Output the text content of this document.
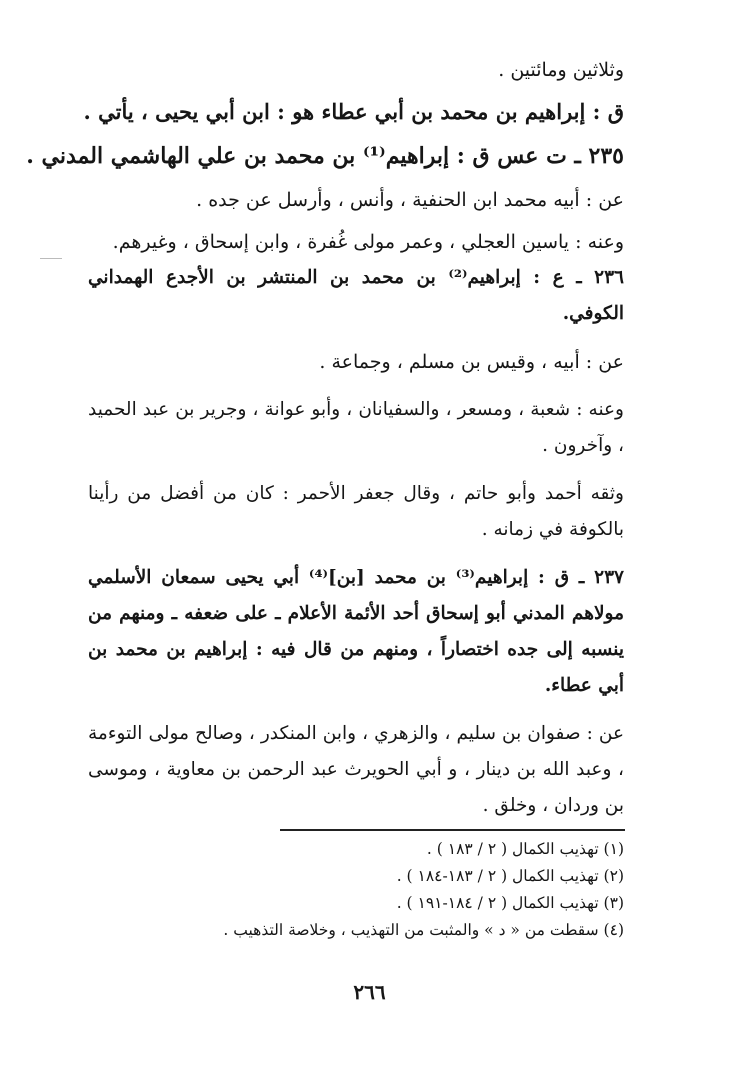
وثلاثين ومائتين .

ق : إبراهيم بن محمد بن أبي عطاء هو : ابن أبي يحيى ، يأتي .

٢٣٥ ـ ت عس ق : إبراهيم⁽¹⁾ بن محمد بن علي الهاشمي المدني .

عن : أبيه محمد ابن الحنفية ، وأنس ، وأرسل عن جده .

وعنه : ياسين العجلي ، وعمر مولى غُفرة ، وابن إسحاق ، وغيرهم.

٢٣٦ ـ ع : إبراهيم⁽²⁾ بن محمد بن المنتشر بن الأجدع الهمداني الكوفي.

عن : أبيه ، وقيس بن مسلم ، وجماعة .

وعنه : شعبة ، ومسعر ، والسفيانان ، وأبو عوانة ، وجرير بن عبد الحميد ، وآخرون .

وثقه أحمد وأبو حاتم ، وقال جعفر الأحمر : كان من أفضل من رأينا بالكوفة في زمانه .

٢٣٧ ـ ق : إبراهيم⁽³⁾ بن محمد [بن]⁽⁴⁾ أبي يحيى سمعان الأسلمي مولاهم المدني أبو إسحاق أحد الأئمة الأعلام ـ على ضعفه ـ ومنهم من ينسبه إلى جده اختصاراً ، ومنهم من قال فيه : إبراهيم بن محمد بن أبي عطاء.

عن : صفوان بن سليم ، والزهري ، وابن المنكدر ، وصالح مولى التوءمة ، وعبد الله بن دينار ، و أبي الحويرث عبد الرحمن بن معاوية ، وموسى بن وردان ، وخلق .

(١) تهذيب الكمال ( ٢ / ١٨٣ ) .

(٢) تهذيب الكمال ( ٢ / ١٨٣-١٨٤ ) .

(٣) تهذيب الكمال ( ٢ / ١٨٤-١٩١ ) .

(٤) سقطت من « د » والمثبت من التهذيب ، وخلاصة التذهيب .

٢٦٦
